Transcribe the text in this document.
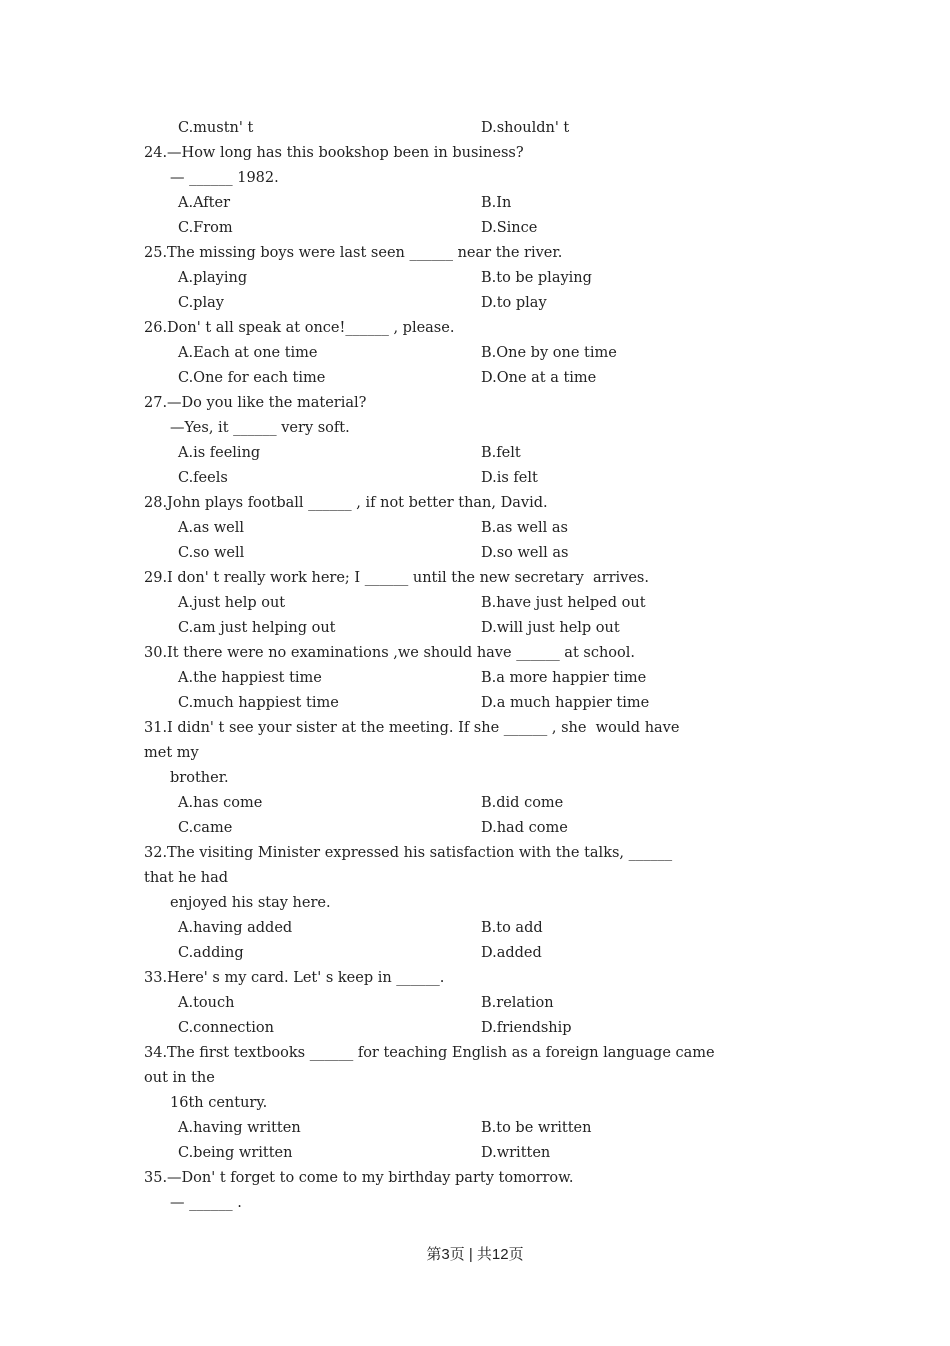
C.mustn' t	D.shouldn' t
24.—How long has this bookshop been in business?
— ______ 1982.
A.After	B.In
C.From	D.Since
25.The missing boys were last seen ______ near the river.
A.playing	B.to be playing
C.play	D.to play
26.Don' t all speak at once!______ , please.
A.Each at one time	B.One by one time
C.One for each time	D.One at a time
27.—Do you like the material?
—Yes, it ______ very soft.
A.is feeling	B.felt
C.feels	D.is felt
28.John plays football ______ , if not better than, David.
A.as well	B.as well as
C.so well	D.so well as
29.I don' t really work here; I ______ until the new secretary  arrives.
A.just help out	B.have just helped out
C.am just helping out	D.will just help out
30.It there were no examinations ,we should have ______ at school.
A.the happiest time	B.a more happier time
C.much happiest time	D.a much happier time
31.I didn' t see your sister at the meeting. If she ______ , she  would have
met my
brother.
A.has come	B.did come
C.came	D.had come
32.The visiting Minister expressed his satisfaction with the talks, ______
that he had
enjoyed his stay here.
A.having added	B.to add
C.adding	D.added
33.Here' s my card. Let' s keep in ______.
A.touch	B.relation
C.connection	D.friendship
34.The first textbooks ______ for teaching English as a foreign language came
out in the
16th century.
A.having written	B.to be written
C.being written	D.written
35.—Don' t forget to come to my birthday party tomorrow.
— ______ .
第3页 | 共12页
